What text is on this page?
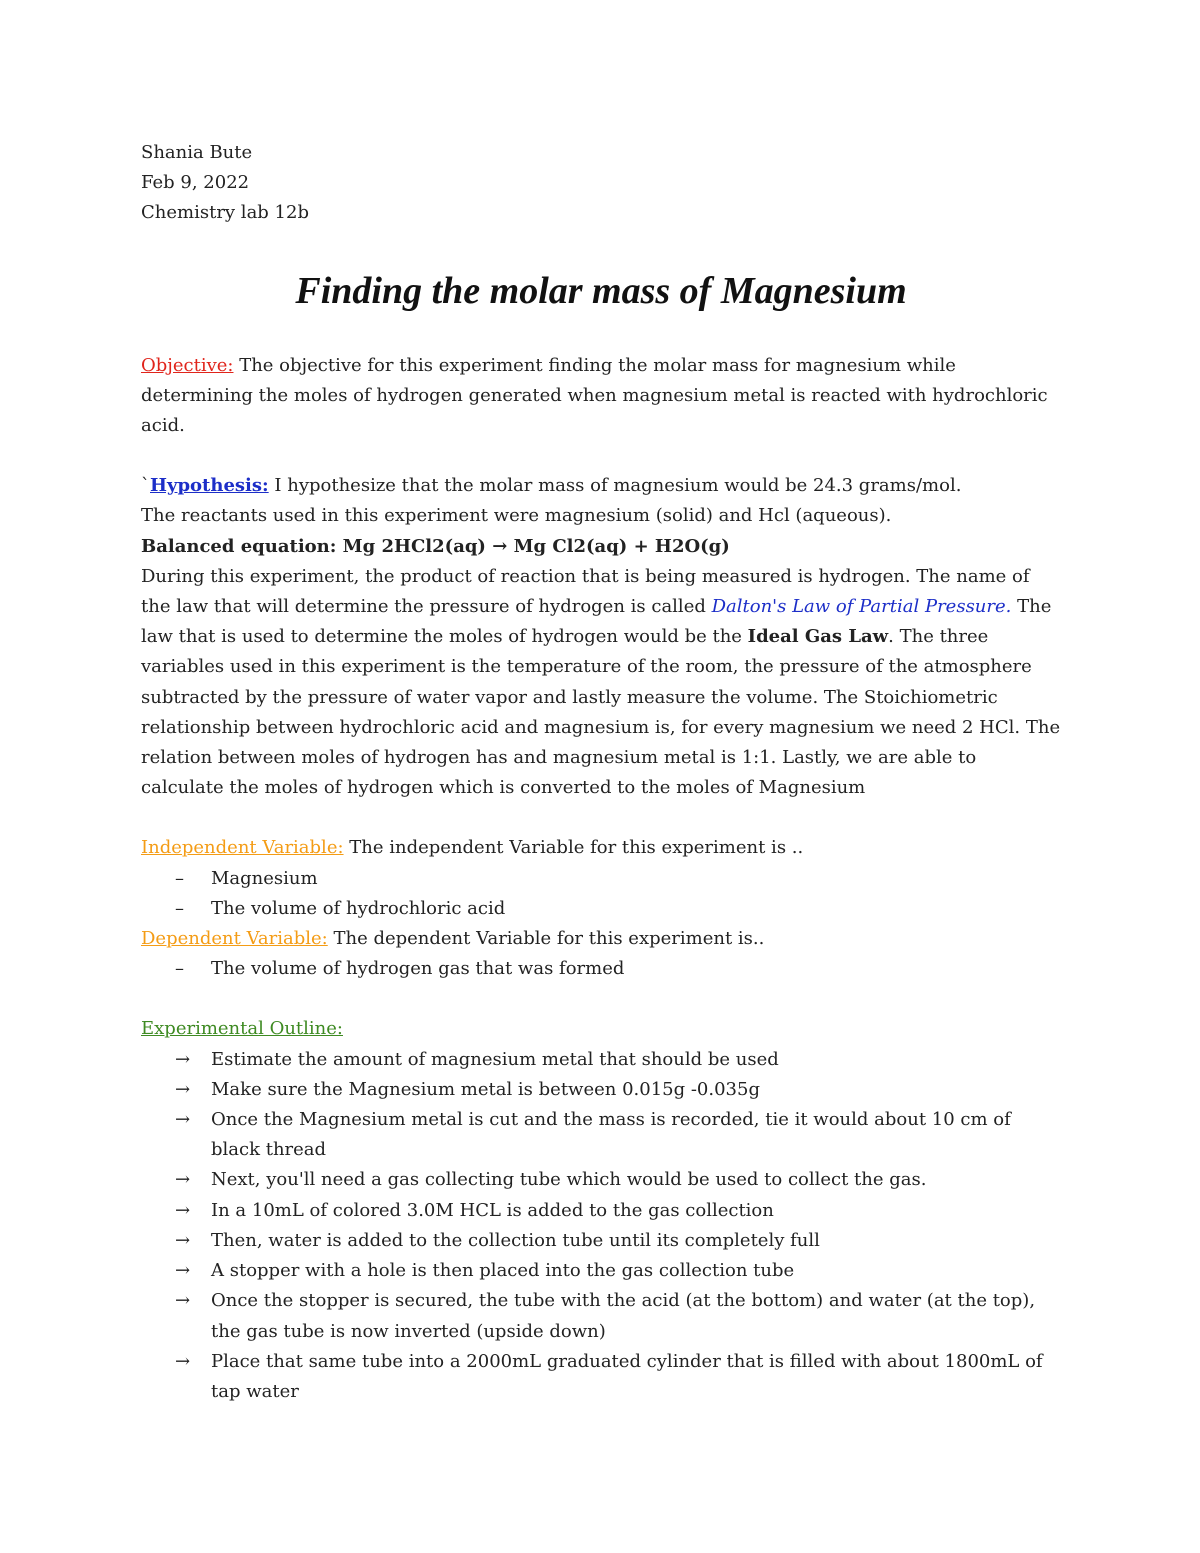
Shania Bute

Feb 9, 2022

Chemistry lab 12b

Finding the molar mass of Magnesium

Objective: The objective for this experiment finding the molar mass for magnesium while determining the moles of hydrogen generated when magnesium metal is reacted with hydrochloric acid.

`Hypothesis: I hypothesize that the molar mass of magnesium would be 24.3 grams/mol.

The reactants used in this experiment were magnesium (solid) and Hcl (aqueous).

Balanced equation: Mg 2HCl2(aq) → Mg Cl2(aq) + H2O(g)

During this experiment, the product of reaction that is being measured is hydrogen. The name of the law that will determine the pressure of hydrogen is called Dalton's Law of Partial Pressure. The law that is used to determine the moles of hydrogen would be the Ideal Gas Law. The three variables used in this experiment is the temperature of the room, the pressure of the atmosphere subtracted by the pressure of water vapor and lastly measure the volume. The Stoichiometric relationship between hydrochloric acid and magnesium is, for every magnesium we need 2 HCl. The relation between moles of hydrogen has and magnesium metal is 1:1. Lastly, we are able to calculate the moles of hydrogen which is converted to the moles of Magnesium

Independent Variable: The independent Variable for this experiment is ..

– Magnesium
– The volume of hydrochloric acid

Dependent Variable: The dependent Variable for this experiment is..

– The volume of hydrogen gas that was formed

Experimental Outline:

→ Estimate the amount of magnesium metal that should be used
→ Make sure the Magnesium metal is between 0.015g -0.035g
→ Once the Magnesium metal is cut and the mass is recorded, tie it would about 10 cm of black thread
→ Next, you'll need a gas collecting tube which would be used to collect the gas.
→ In a 10mL of colored 3.0M HCL is added to the gas collection
→ Then, water is added to the collection tube until its completely full
→ A stopper with a hole is then placed into the gas collection tube
→ Once the stopper is secured, the tube with the acid (at the bottom) and water (at the top), the gas tube is now inverted (upside down)
→ Place that same tube into a 2000mL graduated cylinder that is filled with about 1800mL of tap water
